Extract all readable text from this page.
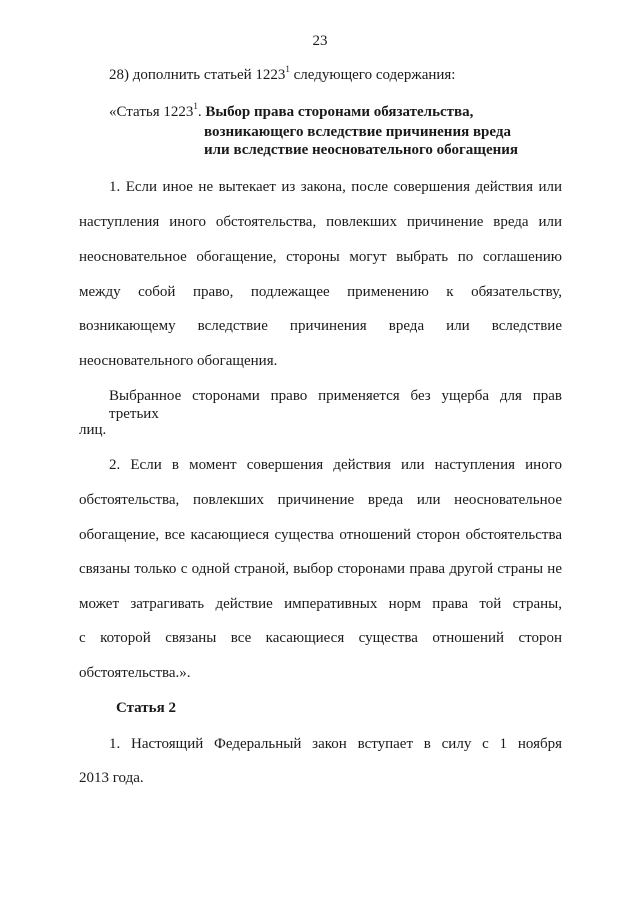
23
28) дополнить статьей 1223$^1$ следующего содержания:
«Статья 1223$^1$. Выбор права сторонами обязательства,
возникающего вследствие причинения вреда
или вследствие неосновательного обогащения
1. Если иное не вытекает из закона, после совершения действия или
наступления иного обстоятельства, повлекших причинение вреда или
неосновательное обогащение, стороны могут выбрать по соглашению
между собой право, подлежащее применению к обязательству,
возникающему вследствие причинения вреда или вследствие
неосновательного обогащения.
Выбранное сторонами право применяется без ущерба для прав третьих
лиц.
2. Если в момент совершения действия или наступления иного
обстоятельства, повлекших причинение вреда или неосновательное
обогащение, все касающиеся существа отношений сторон обстоятельства
связаны только с одной страной, выбор сторонами права другой страны не
может затрагивать действие императивных норм права той страны,
с которой связаны все касающиеся существа отношений сторон
обстоятельства.».
Статья 2
1. Настоящий Федеральный закон вступает в силу с 1 ноября
2013 года.
